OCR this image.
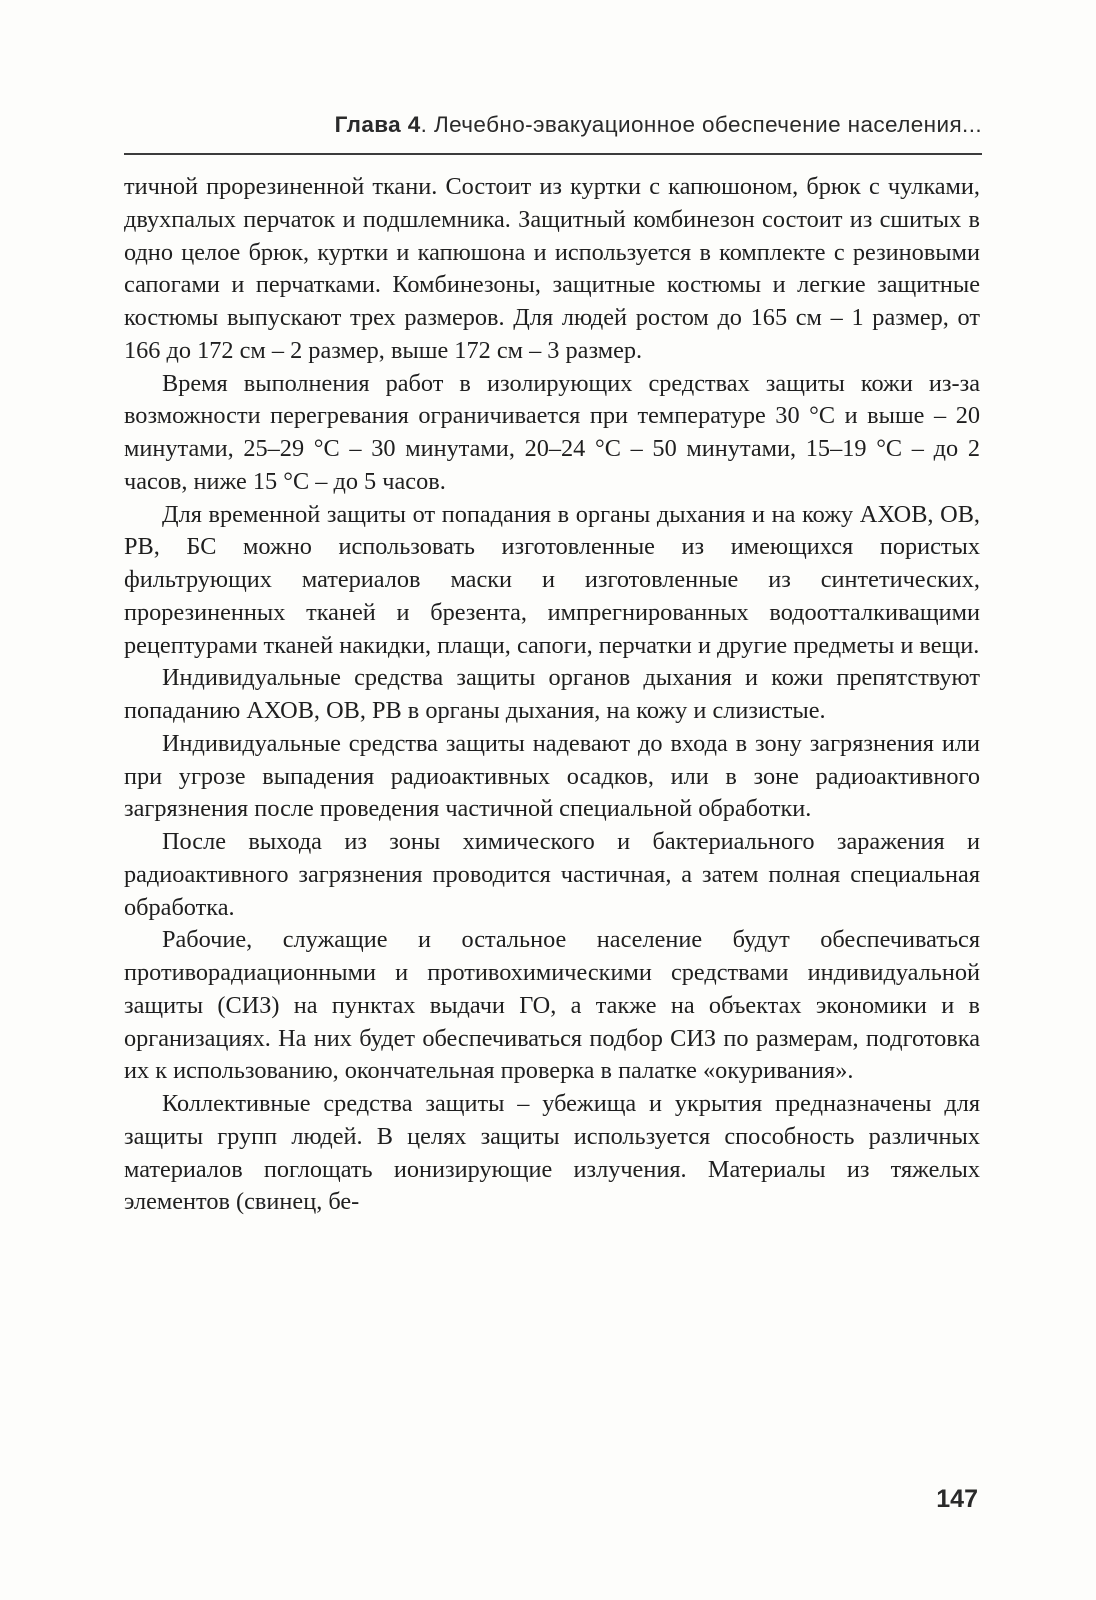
Глава 4. Лечебно-эвакуационное обеспечение населения...

тичной прорезиненной ткани. Состоит из куртки с капюшоном, брюк с чулками, двухпалых перчаток и подшлемника. Защитный комбинезон состоит из сшитых в одно целое брюк, куртки и капюшона и используется в комплекте с резиновыми сапогами и перчатками. Комбинезоны, защитные костюмы и легкие защитные костюмы выпускают трех размеров. Для людей ростом до 165 см – 1 размер, от 166 до 172 см – 2 размер, выше 172 см – 3 размер.

Время выполнения работ в изолирующих средствах защиты кожи из-за возможности перегревания ограничивается при температуре 30 °С и выше – 20 минутами, 25–29 °С – 30 минутами, 20–24 °С – 50 минутами, 15–19 °С – до 2 часов, ниже 15 °С – до 5 часов.

Для временной защиты от попадания в органы дыхания и на кожу АХОВ, ОВ, РВ, БС можно использовать изготовленные из имеющихся пористых фильтрующих материалов маски и изготовленные из синтетических, прорезиненных тканей и брезента, импрегнированных водоотталкиващими рецептурами тканей накидки, плащи, сапоги, перчатки и другие предметы и вещи.

Индивидуальные средства защиты органов дыхания и кожи препятствуют попаданию АХОВ, ОВ, РВ в органы дыхания, на кожу и слизистые.

Индивидуальные средства защиты надевают до входа в зону загрязнения или при угрозе выпадения радиоактивных осадков, или в зоне радиоактивного загрязнения после проведения частичной специальной обработки.

После выхода из зоны химического и бактериального заражения и радиоактивного загрязнения проводится частичная, а затем полная специальная обработка.

Рабочие, служащие и остальное население будут обеспечиваться противорадиационными и противохимическими средствами индивидуальной защиты (СИЗ) на пунктах выдачи ГО, а также на объектах экономики и в организациях. На них будет обеспечиваться подбор СИЗ по размерам, подготовка их к использованию, окончательная проверка в палатке «окуривания».

Коллективные средства защиты – убежища и укрытия предназначены для защиты групп людей. В целях защиты используется способность различных материалов поглощать ионизирующие излучения. Материалы из тяжелых элементов (свинец, бе-

147
